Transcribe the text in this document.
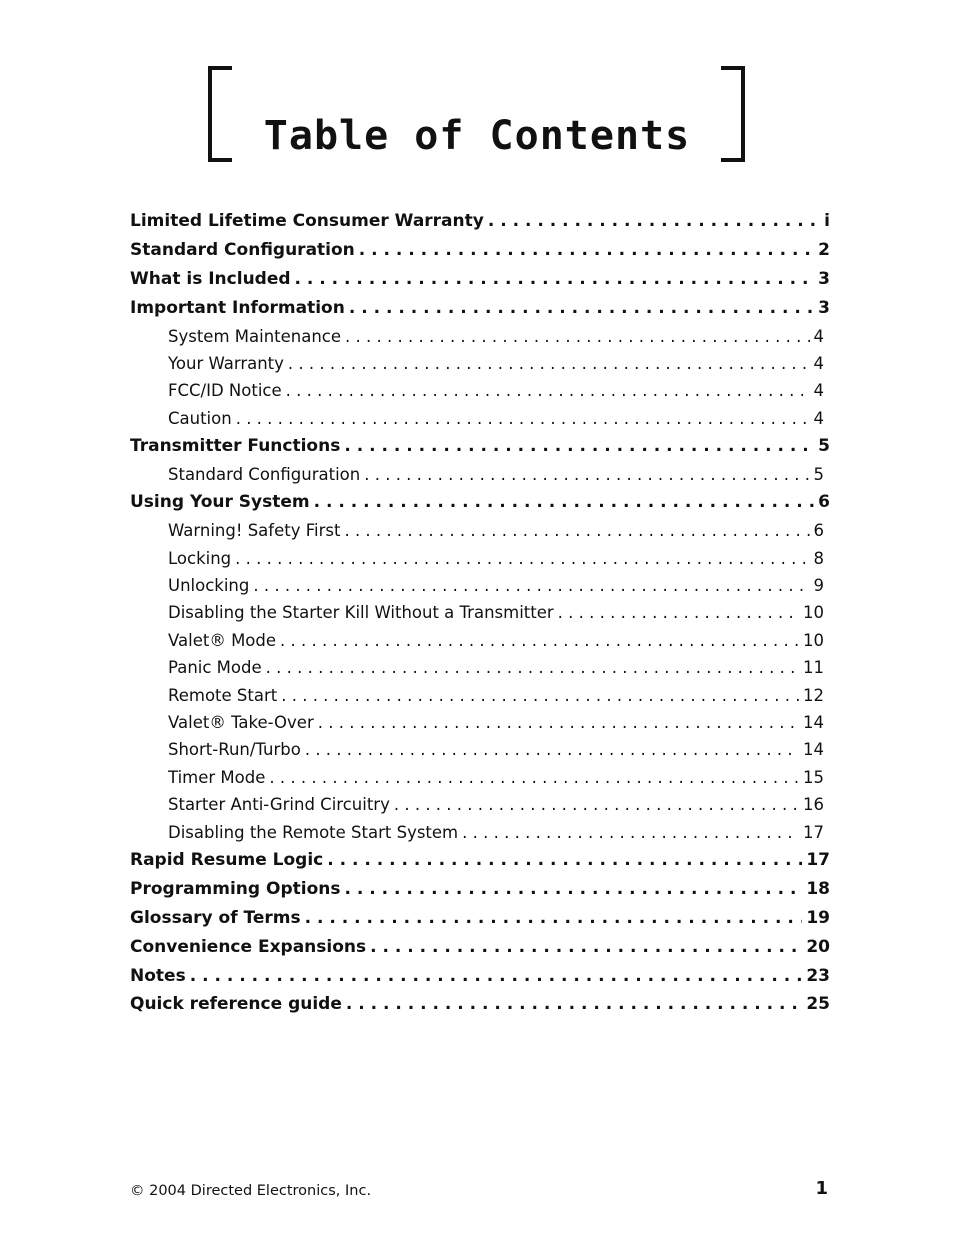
Table of Contents
Limited Lifetime Consumer Warranty . . .	i
Standard Configuration . . .	2
What is Included . . .	3
Important Information . . .	3
System Maintenance . . .	4
Your Warranty . . .	4
FCC/ID Notice . . .	4
Caution . . .	4
Transmitter Functions . . .	5
Standard Configuration . . .	5
Using Your System . . .	6
Warning! Safety First . . .	6
Locking . . .	8
Unlocking . . .	9
Disabling the Starter Kill Without a Transmitter . . .	10
Valet® Mode . . .	10
Panic Mode . . .	11
Remote Start . . .	12
Valet® Take-Over . . .	14
Short-Run/Turbo . . .	14
Timer Mode . . .	15
Starter Anti-Grind Circuitry . . .	16
Disabling the Remote Start System . . .	17
Rapid Resume Logic . . .	17
Programming Options . . .	18
Glossary of Terms . . .	19
Convenience Expansions . . .	20
Notes . . .	23
Quick reference guide . . .	25
© 2004 Directed Electronics, Inc.	1
